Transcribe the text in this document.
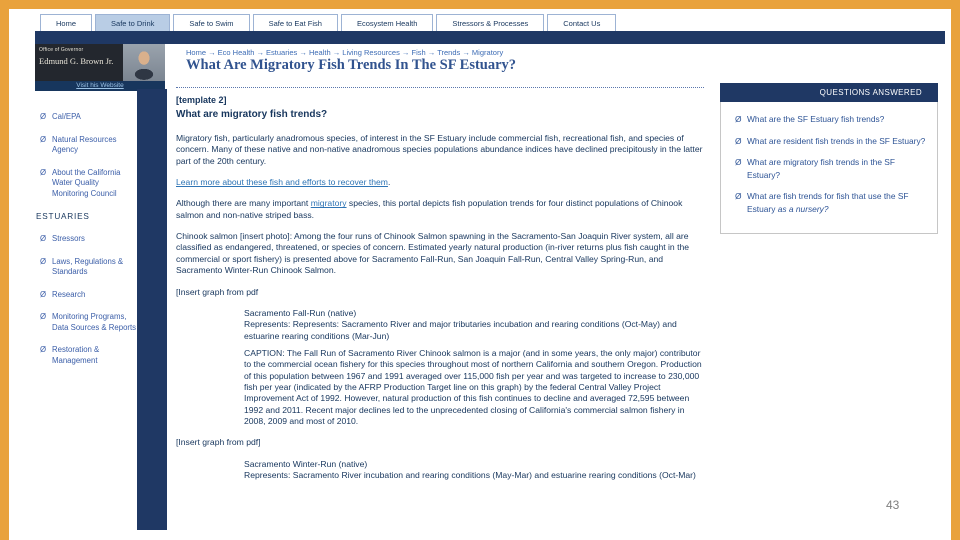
Home	Safe to Drink	Safe to Swim	Safe to Eat Fish	Ecosystem Health	Stressors & Processes	Contact Us
Office of Governor
Edmund G. Brown Jr.
Visit his Website
Home → Eco Health → Estuaries → Health → Living Resources → Fish → Trends → Migratory
What Are Migratory Fish Trends In The SF Estuary?
Ø Cal/EPA
Ø Natural Resources Agency
Ø About the California Water Quality Monitoring Council
ESTUARIES
Ø Stressors
Ø Laws, Regulations & Standards
Ø Research
Ø Monitoring Programs, Data Sources & Reports
Ø Restoration & Management
[template 2]
What are migratory fish trends?

Migratory fish, particularly anadromous species, of interest in the SF Estuary include commercial fish, recreational fish, and species of concern. Many of these native and non-native anadromous species populations abundance indices have declined precipitously in the latter part of the 20th century.

Learn more about these fish and efforts to recover them.

Although there are many important migratory species, this portal depicts fish population trends for four distinct populations of Chinook salmon and non-native striped bass.

Chinook salmon [insert photo]: Among the four runs of Chinook Salmon spawning in the Sacramento-San Joaquin River system, all are classified as endangered, threatened, or species of concern. Estimated yearly natural production (in-river returns plus fish caught in the commercial or sport fishery) is presented above for Sacramento Fall-Run, San Joaquin Fall-Run, Central Valley Spring-Run, and Sacramento Winter-Run Chinook Salmon.

[Insert graph from pdf

Sacramento Fall-Run (native)

Represents: Represents: Sacramento River and major tributaries incubation and rearing conditions (Oct-May) and estuarine rearing conditions (Mar-Jun)

CAPTION: The Fall Run of Sacramento River Chinook salmon is a major (and in some years, the only major) contributor to the commercial ocean fishery for this species throughout most of northern California and southern Oregon. Production of this population between 1967 and 1991 averaged over 115,000 fish per year and was targeted to increase to 230,000 fish per year (indicated by the AFRP Production Target line on this graph) by the federal Central Valley Project Improvement Act of 1992. However, natural production of this fish continues to decline and averaged 72,595 between 1992 and 2011. Recent major declines led to the unprecedented closing of California's commercial salmon fishery in 2008, 2009 and most of 2010.

[Insert graph from pdf]

Sacramento Winter-Run (native)

Represents: Sacramento River incubation and rearing conditions (May-Mar) and estuarine rearing conditions (Oct-Mar)

QUESTIONS ANSWERED
Ø What are the SF Estuary fish trends?
Ø What are resident fish trends in the SF Estuary?
Ø What are migratory fish trends in the SF Estuary?
Ø What are fish trends for fish that use the SF Estuary as a nursery?
43
